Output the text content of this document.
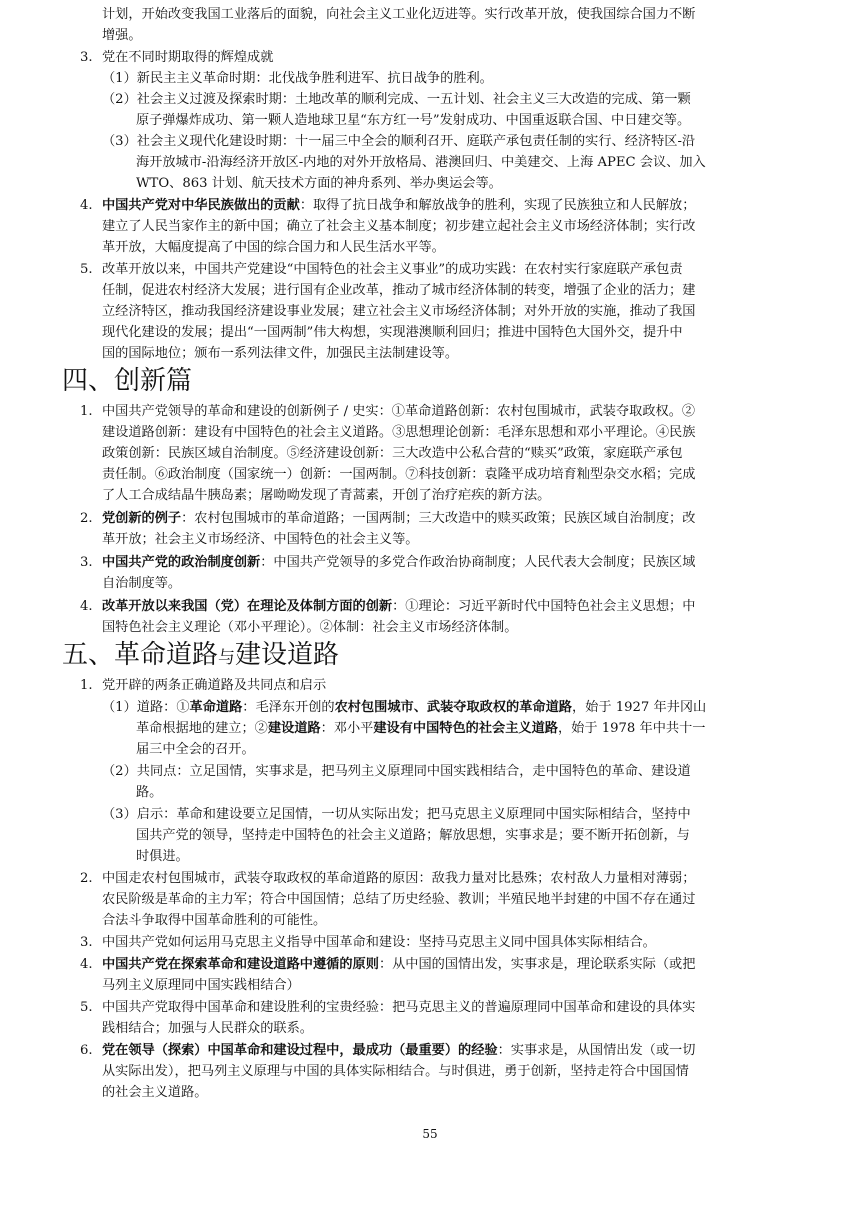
计划，开始改变我国工业落后的面貌，向社会主义工业化迈进等。实行改革开放，使我国综合国力不断
增强。
3. 党在不同时期取得的辉煌成就
（1）新民主主义革命时期：北伐战争胜利进军、抗日战争的胜利。
（2）社会主义过渡及探索时期：土地改革的顺利完成、一五计划、社会主义三大改造的完成、第一颗
原子弹爆炸成功、第一颗人造地球卫星“东方红一号”发射成功、中国重返联合国、中日建交等。
（3）社会主义现代化建设时期：十一届三中全会的顺利召开、庭联产承包责任制的实行、经济特区-沿
海开放城市-沿海经济开放区-内地的对外开放格局、港澳回归、中美建交、上海 APEC 会议、加入
WTO、863 计划、航天技术方面的神舟系列、举办奥运会等。
4. 中国共产党对中华民族做出的贡献：取得了抗日战争和解放战争的胜利，实现了民族独立和人民解放；
建立了人民当家作主的新中国；确立了社会主义基本制度；初步建立起社会主义市场经济体制；实行改
革开放，大幅度提高了中国的综合国力和人民生活水平等。
5. 改革开放以来，中国共产党建设“中国特色的社会主义事业”的成功实践：在农村实行家庭联产承包责
任制，促进农村经济大发展；进行国有企业改革，推动了城市经济体制的转变，增强了企业的活力；建
立经济特区，推动我国经济建设事业发展；建立社会主义市场经济体制；对外开放的实施，推动了我国
现代化建设的发展；提出“一国两制”伟大构想，实现港澳顺利回归；推进中国特色大国外交，提升中
国的国际地位；颁布一系列法律文件，加强民主法制建设等。
四、创新篇
1. 中国共产党领导的革命和建设的创新例子 / 史实：①革命道路创新：农村包围城市，武装夺取政权。②
建设道路创新：建设有中国特色的社会主义道路。③思想理论创新：毛泽东思想和邓小平理论。④民族
政策创新：民族区域自治制度。⑤经济建设创新：三大改造中公私合营的“赎买”政策，家庭联产承包
责任制。⑥政治制度（国家统一）创新：一国两制。⑦科技创新：袁隆平成功培育籼型杂交水稻；完成
了人工合成结晶牛胰岛素；屠呦呦发现了青蒿素，开创了治疗疟疾的新方法。
2. 党创新的例子：农村包围城市的革命道路；一国两制；三大改造中的赎买政策；民族区域自治制度；改
革开放；社会主义市场经济、中国特色的社会主义等。
3. 中国共产党的政治制度创新：中国共产党领导的多党合作政治协商制度；人民代表大会制度；民族区域
自治制度等。
4. 改革开放以来我国（党）在理论及体制方面的创新：①理论：习近平新时代中国特色社会主义思想；中
国特色社会主义理论（邓小平理论）。②体制：社会主义市场经济体制。
五、革命道路与建设道路
1. 党开辟的两条正确道路及共同点和启示
（1）道路：①革命道路：毛泽东开创的农村包围城市、武装夺取政权的革命道路，始于 1927 年井冈山
革命根据地的建立；②建设道路：邓小平建设有中国特色的社会主义道路，始于 1978 年中共十一
届三中全会的召开。
（2）共同点：立足国情，实事求是，把马列主义原理同中国实践相结合，走中国特色的革命、建设道
路。
（3）启示：革命和建设要立足国情，一切从实际出发；把马克思主义原理同中国实际相结合，坚持中
国共产党的领导，坚持走中国特色的社会主义道路；解放思想，实事求是；要不断开拓创新，与
时俱进。
2. 中国走农村包围城市，武装夺取政权的革命道路的原因：敌我力量对比悬殊；农村敌人力量相对薄弱；
农民阶级是革命的主力军；符合中国国情；总结了历史经验、教训；半殖民地半封建的中国不存在通过
合法斗争取得中国革命胜利的可能性。
3. 中国共产党如何运用马克思主义指导中国革命和建设：坚持马克思主义同中国具体实际相结合。
4. 中国共产党在探索革命和建设道路中遵循的原则：从中国的国情出发，实事求是，理论联系实际（或把
马列主义原理同中国实践相结合）
5. 中国共产党取得中国革命和建设胜利的宝贵经验：把马克思主义的普遍原理同中国革命和建设的具体实
践相结合；加强与人民群众的联系。
6. 党在领导（探索）中国革命和建设过程中，最成功（最重要）的经验：实事求是，从国情出发（或一切
从实际出发），把马列主义原理与中国的具体实际相结合。与时俱进，勇于创新，坚持走符合中国国情
的社会主义道路。
55
